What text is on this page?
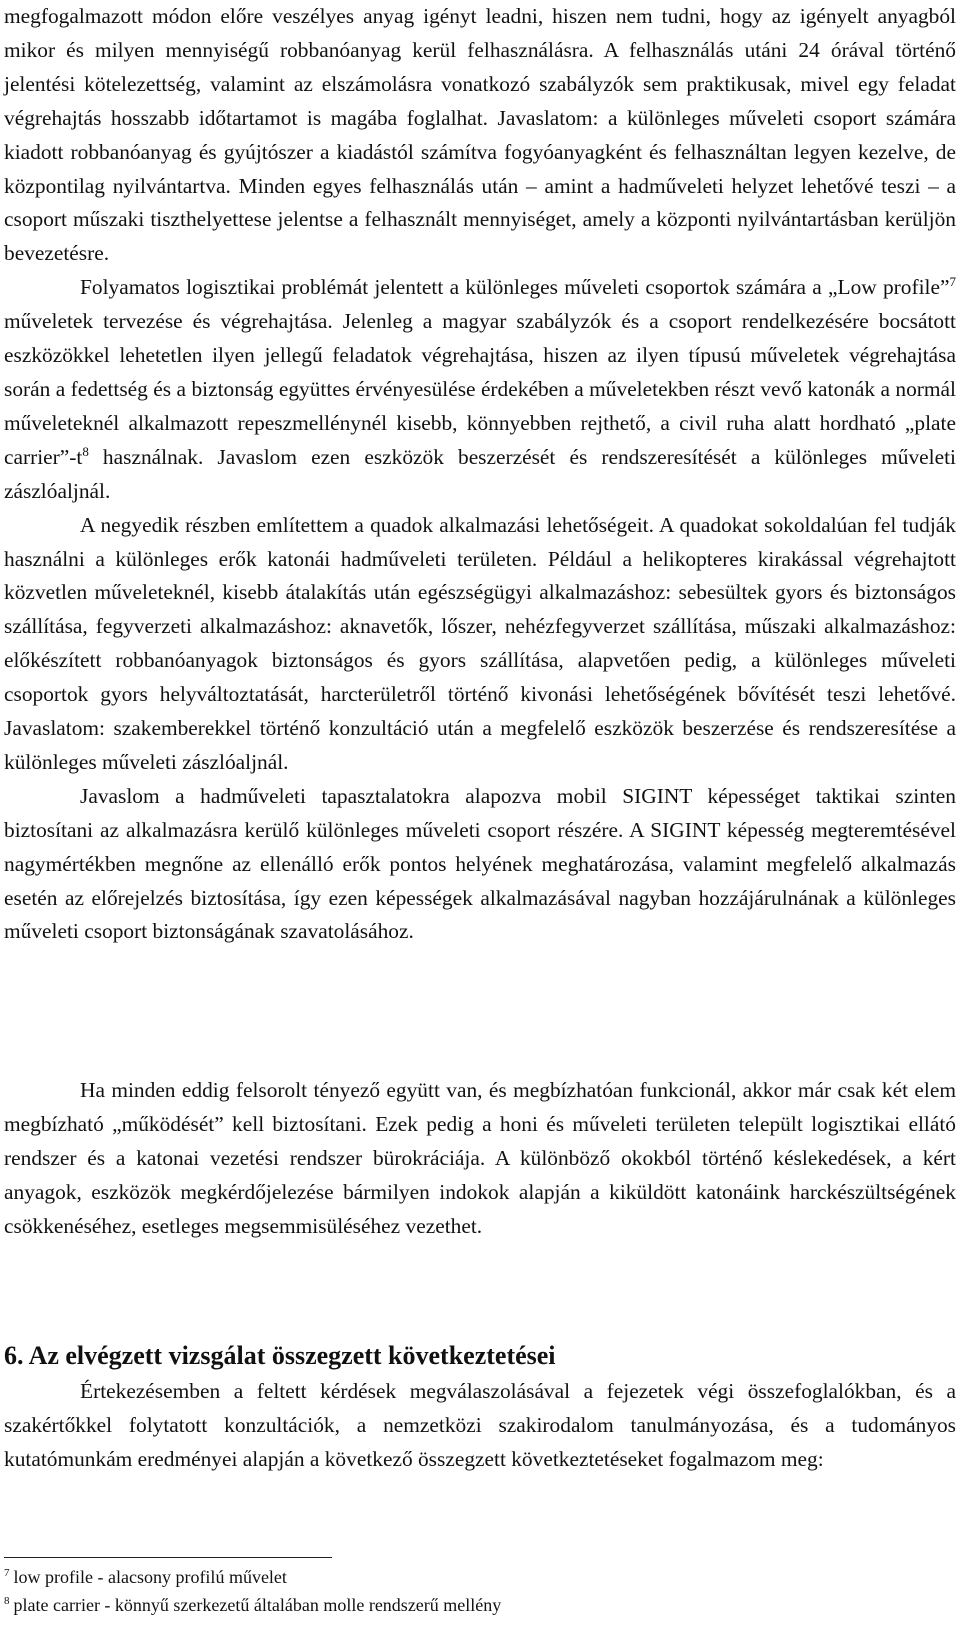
megfogalmazott módon előre veszélyes anyag igényt leadni, hiszen nem tudni, hogy az igényelt anyagból mikor és milyen mennyiségű robbanóanyag kerül felhasználásra. A felhasználás utáni 24 órával történő jelentési kötelezettség, valamint az elszámolásra vonatkozó szabályzók sem praktikusak, mivel egy feladat végrehajtás hosszabb időtartamot is magába foglalhat. Javaslatom: a különleges műveleti csoport számára kiadott robbanóanyag és gyújtószer a kiadástól számítva fogyóanyagként és felhasználtan legyen kezelve, de központilag nyilvántartva. Minden egyes felhasználás után – amint a hadműveleti helyzet lehetővé teszi – a csoport műszaki tiszthelyettese jelentse a felhasznált mennyiséget, amely a központi nyilvántartásban kerüljön bevezetésre.

Folyamatos logisztikai problémát jelentett a különleges műveleti csoportok számára a „Low profile”$^7$ műveletek tervezése és végrehajtása. Jelenleg a magyar szabályzók és a csoport rendelkezésére bocsátott eszközökkel lehetetlen ilyen jellegű feladatok végrehajtása, hiszen az ilyen típusú műveletek végrehajtása során a fedettség és a biztonság együttes érvényesülése érdekében a műveletekben részt vevő katonák a normál műveleteknél alkalmazott repeszmellénynél kisebb, könnyebben rejthető, a civil ruha alatt hordható „plate carrier”-t$^8$ használnak. Javaslom ezen eszközök beszerzését és rendszeresítését a különleges műveleti zászlóaljnál.

A negyedik részben említettem a quadok alkalmazási lehetőségeit. A quadokat sokoldalúan fel tudják használni a különleges erők katonái hadműveleti területen. Például a helikopteres kirakással végrehajtott közvetlen műveleteknél, kisebb átalakítás után egészségügyi alkalmazáshoz: sebesültek gyors és biztonságos szállítása, fegyverzeti alkalmazáshoz: aknavetők, lőszer, nehézfegyverzet szállítása, műszaki alkalmazáshoz: előkészített robbanóanyagok biztonságos és gyors szállítása, alapvetően pedig, a különleges műveleti csoportok gyors helyváltoztatását, harcterületről történő kivonási lehetőségének bővítését teszi lehetővé. Javaslatom: szakemberekkel történő konzultáció után a megfelelő eszközök beszerzése és rendszeresítése a különleges műveleti zászlóaljnál.

Javaslom a hadműveleti tapasztalatokra alapozva mobil SIGINT képességet taktikai szinten biztosítani az alkalmazásra kerülő különleges műveleti csoport részére. A SIGINT képesség megteremtésével nagymértékben megnőne az ellenálló erők pontos helyének meghatározása, valamint megfelelő alkalmazás esetén az előrejelzés biztosítása, így ezen képességek alkalmazásával nagyban hozzájárulnának a különleges műveleti csoport biztonságának szavatolásához.

Ha minden eddig felsorolt tényező együtt van, és megbízhatóan funkcionál, akkor már csak két elem megbízható „működését” kell biztosítani. Ezek pedig a honi és műveleti területen települt logisztikai ellátó rendszer és a katonai vezetési rendszer bürokráciája. A különböző okokból történő késlekedések, a kért anyagok, eszközök megkérdőjelezése bármilyen indokok alapján a kiküldött katonáink harckészültségének csökkenéséhez, esetleges megsemmisüléséhez vezethet.

6. Az elvégzett vizsgálat összegzett következtetései

Értekezésemben a feltett kérdések megválaszolásával a fejezetek végi összefoglalókban, és a szakértőkkel folytatott konzultációk, a nemzetközi szakirodalom tanulmányozása, és a tudományos kutatómunkám eredményei alapján a következő összegzett következtetéseket fogalmazom meg:

$^7$ low profile - alacsony profilú művelet

$^8$ plate carrier - könnyű szerkezetű általában molle rendszerű mellény
